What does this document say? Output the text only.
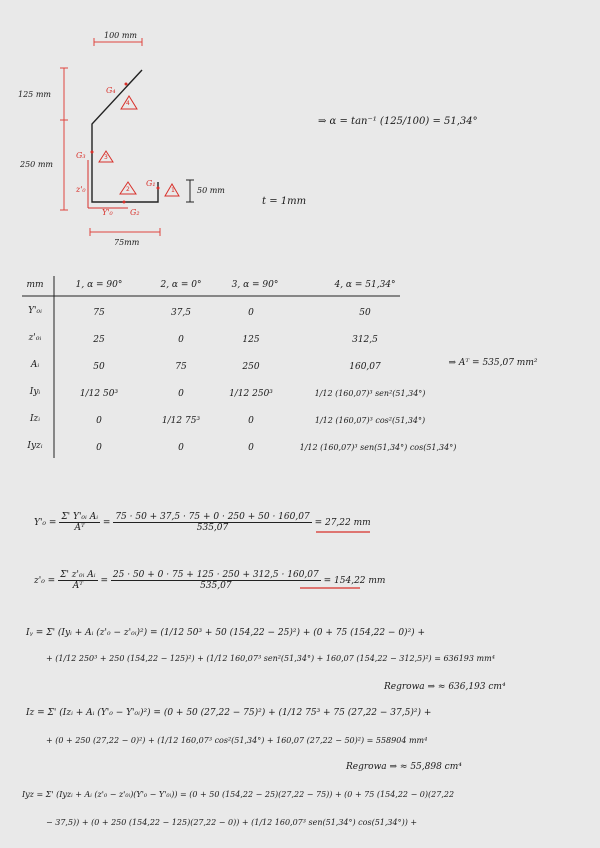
100 mm
125 mm
250 mm
50 mm
75mm
t = 1mm
G₄
4
G₃	3
2
G₁
1
z'₀
Y'₀ G₂
⇒ α = tan⁻¹ (125/100) = 51,34°
mm	1, α = 90°	2, α = 0°	3, α = 90°	4, α = 51,34°
Y'₀ᵢ	75	37,5	0	50
z'₀ᵢ	25	0	125	312,5
Aᵢ	50	75	250	160,07	⇒ Aᵀ = 535,07 mm²
Iyᵢ	1/12 50³	0	1/12 250³	1/12 (160,07)³ sen²(51,34°)
Izᵢ	0	1/12 75³	0	1/12 (160,07)³ cos²(51,34°)
Iyzᵢ	0	0	0	1/12 (160,07)³ sen(51,34°) cos(51,34°)
$Y'_0 = \frac{\text{Σ' Y'₀ᵢ Aᵢ}}{\text{Aᵀ}} = \frac{75 \cdot 50 + 37,5 \cdot 75 + 0 \cdot 250 + 50 \cdot 160,07}{535,07} = 27,22$ mm
$z'_0 = \frac{\text{Σ' z'₀ᵢ Aᵢ}}{\text{Aᵀ}} = \frac{25 \cdot 50 + 0 \cdot 75 + 125 \cdot 250 + 312,5 \cdot 160,07}{535,07} = 154,22$ mm
Iᵧ = Σ' (Iyᵢ + Aᵢ (z'₀ − z'₀ᵢ)²) = (1/12 50³ + 50 (154,22 − 25)²) + (0 + 75 (154,22 − 0)²) +
+ (1/12 250³ + 250 (154,22 − 125)²) + (1/12 160,07³ sen²(51,34°) + 160,07 (154,22 − 312,5)²) = 636193 mm⁴
Regrowa ⇒ ≈ 636,193 cm⁴
Iz = Σ' (Izᵢ + Aᵢ (Y'₀ − Y'₀ᵢ)²) = (0 + 50 (27,22 − 75)²) + (1/12 75³ + 75 (27,22 − 37,5)²) +
+ (0 + 250 (27,22 − 0)²) + (1/12 160,07³ cos²(51,34°) + 160,07 (27,22 − 50)²) = 558904 mm⁴
Regrowa ⇒ ≈ 55,898 cm⁴
Iyz = Σ' (Iyzᵢ + Aᵢ (z'₀ − z'₀ᵢ)(Y'₀ − Y'₀ᵢ)) = (0 + 50 (154,22 − 25)(27,22 − 75)) + (0 + 75 (154,22 − 0)(27,22
− 37,5)) + (0 + 250 (154,22 − 125)(27,22 − 0)) + (1/12 160,07³ sen(51,34°) cos(51,34°)) +
